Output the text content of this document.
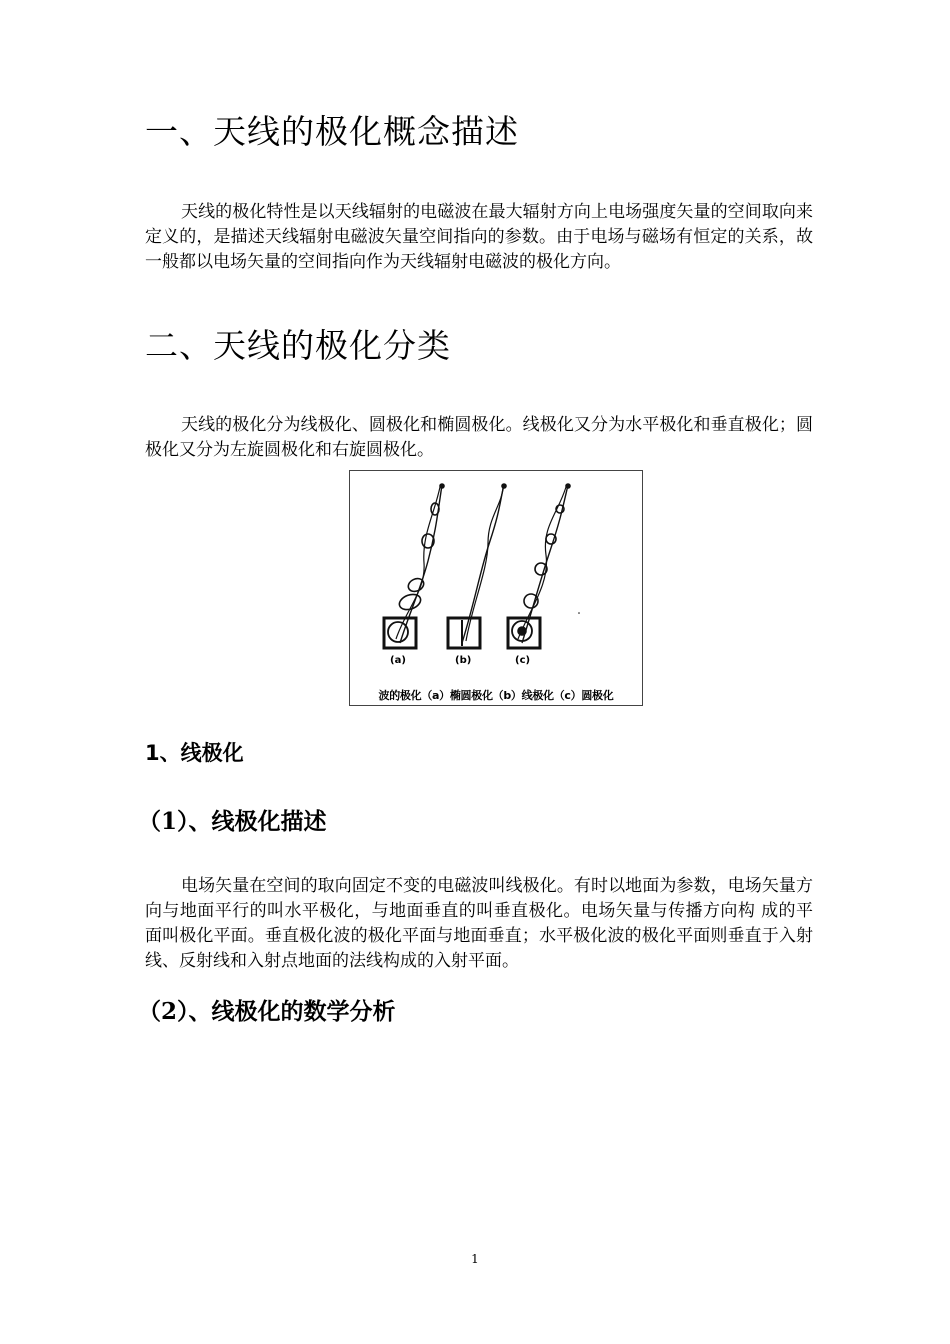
一、天线的极化概念描述

天线的极化特性是以天线辐射的电磁波在最大辐射方向上电场强度矢量的空间取向来定义的，是描述天线辐射电磁波矢量空间指向的参数。由于电场与磁场有恒定的关系，故一般都以电场矢量的空间指向作为天线辐射电磁波的极化方向。

二、天线的极化分类

天线的极化分为线极化、圆极化和椭圆极化。线极化又分为水平极化和垂直极化；圆极化又分为左旋圆极化和右旋圆极化。

(a)	(b)	(c)
波的极化（a）椭圆极化（b）线极化（c）圆极化
1、线极化
（1）、线极化描述

电场矢量在空间的取向固定不变的电磁波叫线极化。有时以地面为参数，电场矢量方向与地面平行的叫水平极化，与地面垂直的叫垂直极化。电场矢量与传播方向构 成的平面叫极化平面。垂直极化波的极化平面与地面垂直；水平极化波的极化平面则垂直于入射线、反射线和入射点地面的法线构成的入射平面。

（2）、线极化的数学分析
1
